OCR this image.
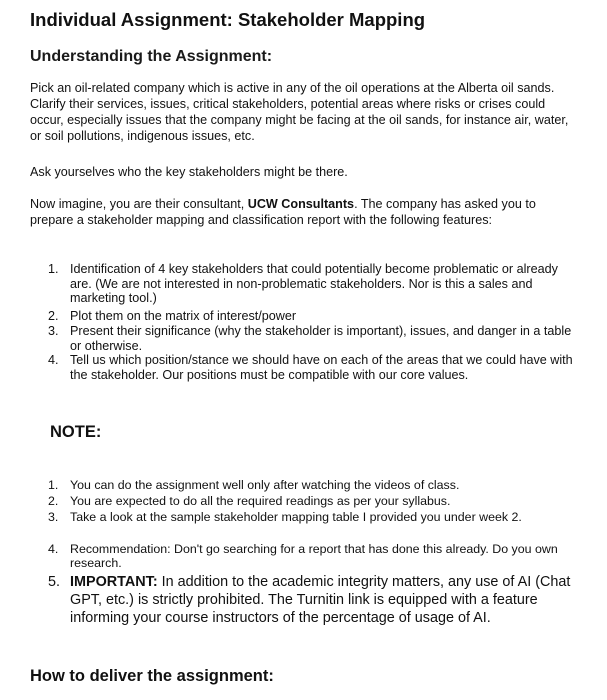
Individual Assignment: Stakeholder Mapping
Understanding the Assignment:
Pick an oil-related company which is active in any of the oil operations at the Alberta oil sands. Clarify their services, issues, critical stakeholders, potential areas where risks or crises could occur, especially issues that the company might be facing at the oil sands, for instance air, water, or soil pollutions, indigenous issues, etc.
Ask yourselves who the key stakeholders might be there.
Now imagine, you are their consultant, UCW Consultants. The company has asked you to prepare a stakeholder mapping and classification report with the following features:
1. Identification of 4 key stakeholders that could potentially become problematic or already are. (We are not interested in non-problematic stakeholders. Nor is this a sales and marketing tool.)
2. Plot them on the matrix of interest/power
3. Present their significance (why the stakeholder is important), issues, and danger in a table or otherwise.
4. Tell us which position/stance we should have on each of the areas that we could have with the stakeholder. Our positions must be compatible with our core values.
NOTE:
1. You can do the assignment well only after watching the videos of class.
2. You are expected to do all the required readings as per your syllabus.
3. Take a look at the sample stakeholder mapping table I provided you under week 2.
4. Recommendation: Don't go searching for a report that has done this already. Do you own research.
5. IMPORTANT: In addition to the academic integrity matters, any use of AI (Chat GPT, etc.) is strictly prohibited. The Turnitin link is equipped with a feature informing your course instructors of the percentage of usage of AI.
How to deliver the assignment:
